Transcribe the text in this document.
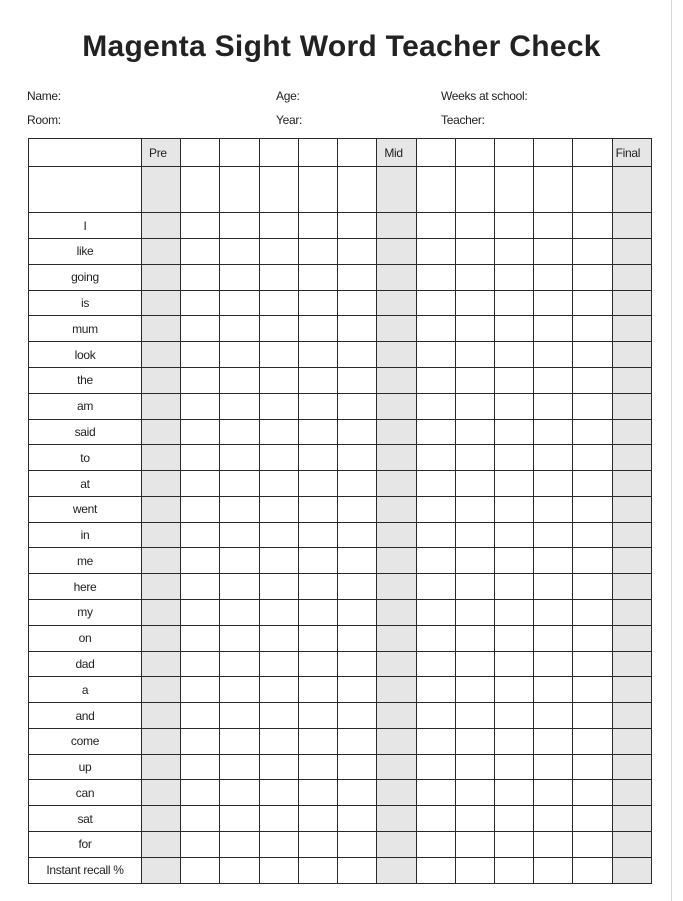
Magenta Sight Word Teacher Check
Name:	Age:	Weeks at school:
Room:	Year:	Teacher:
	Pre						Mid						Final

I													
like													
going													
is													
mum													
look													
the													
am													
said													
to													
at													
went													
in													
me													
here													
my													
on													
dad													
a													
and													
come													
up													
can													
sat													
for													
Instant recall %													
